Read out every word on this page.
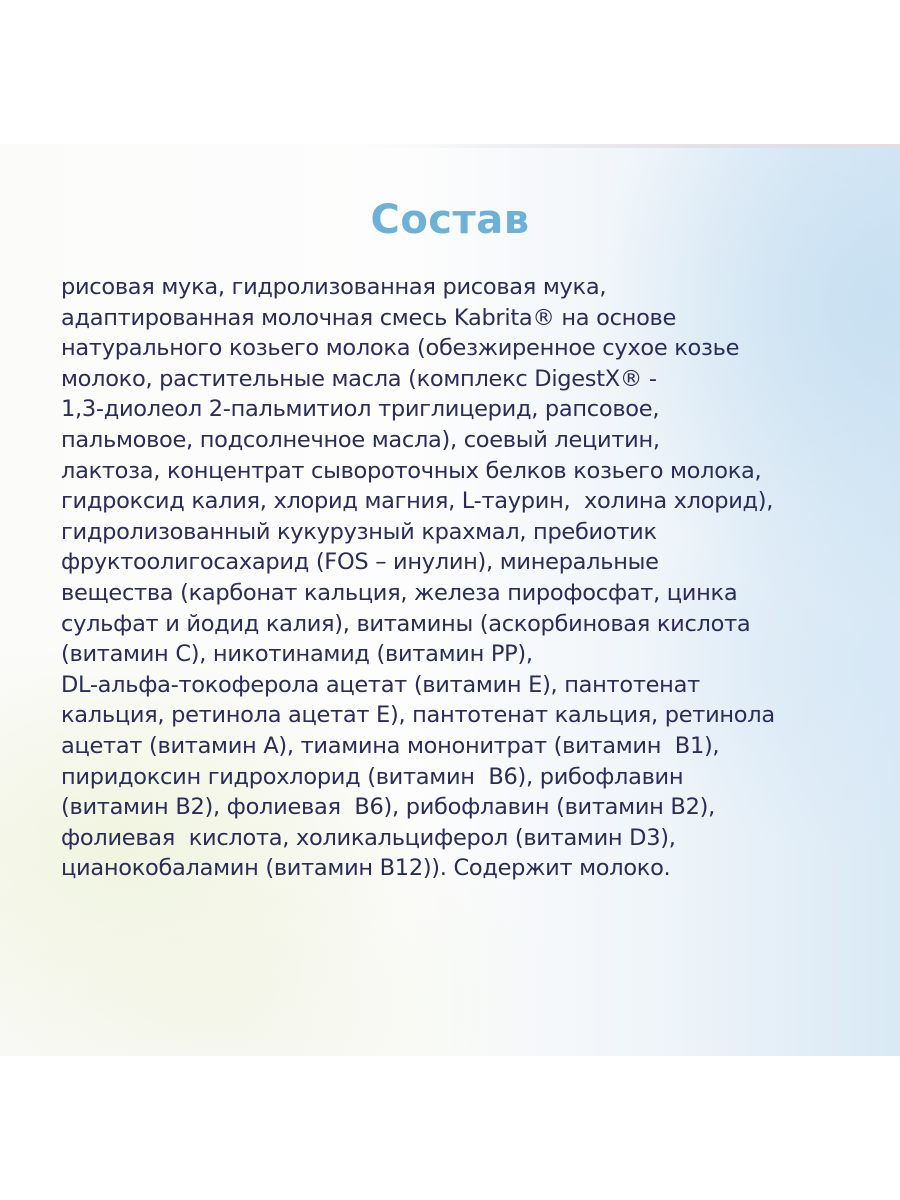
Состав
рисовая мука, гидролизованная рисовая мука,
адаптированная молочная смесь Kabrita® на основе
натурального козьего молока (обезжиренное сухое козье
молоко, растительные масла (комплекс DigestX® -
1,3-диолеол 2-пальмитиол триглицерид, рапсовое,
пальмовое, подсолнечное масла), соевый лецитин,
лактоза, концентрат сывороточных белков козьего молока,
гидроксид калия, хлорид магния, L-таурин,  холина хлорид),
гидролизованный кукурузный крахмал, пребиотик
фруктоолигосахарид (FOS – инулин), минеральные
вещества (карбонат кальция, железа пирофосфат, цинка
сульфат и йодид калия), витамины (аскорбиновая кислота
(витамин С), никотинамид (витамин РР),
DL-альфа-токоферола ацетат (витамин Е), пантотенат
кальция, ретинола ацетат Е), пантотенат кальция, ретинола
ацетат (витамин А), тиамина мононитрат (витамин  В1),
пиридоксин гидрохлорид (витамин  В6), рибофлавин
(витамин В2), фолиевая  В6), рибофлавин (витамин В2),
фолиевая  кислота, холикальциферол (витамин D3),
цианокобаламин (витамин В12)). Содержит молоко.
